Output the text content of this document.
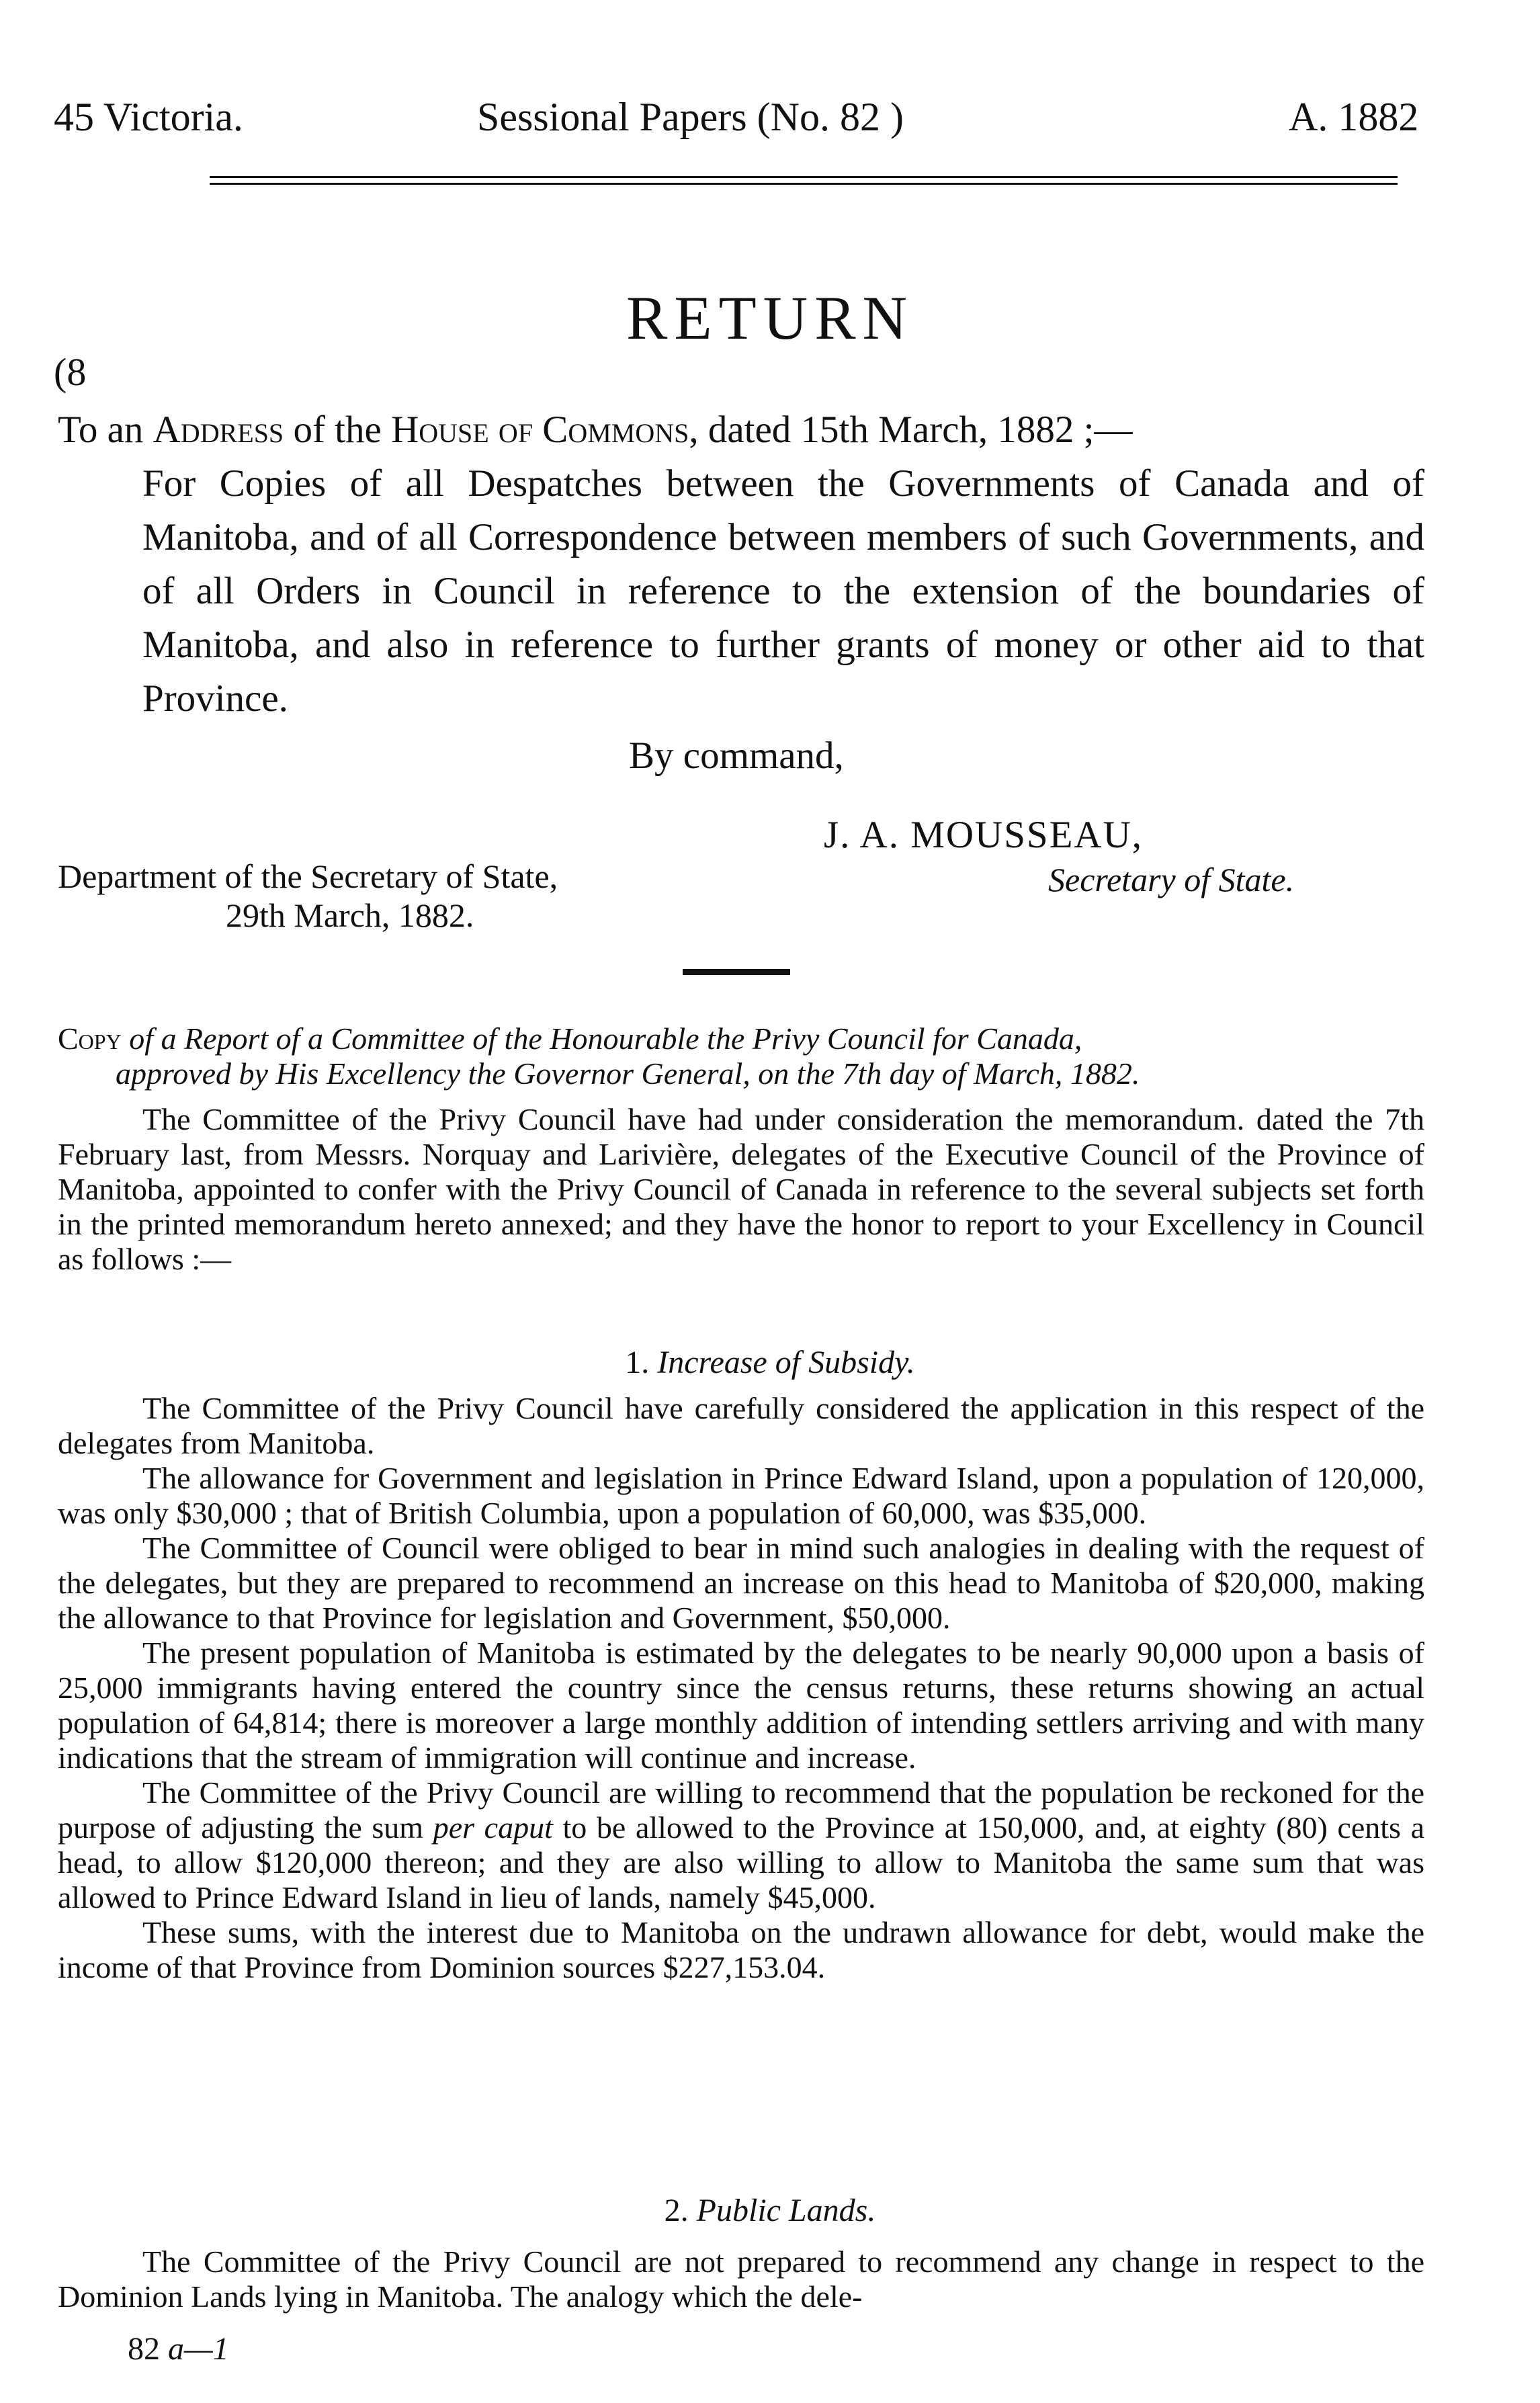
45 Victoria.	Sessional Papers (No. 82 )	A. 1882
RETURN
(8
To an Address of the House of Commons, dated 15th March, 1882 ;—
For Copies of all Despatches between the Governments of Canada and of Manitoba, and of all Correspondence between members of such Governments, and of all Orders in Council in reference to the extension of the boundaries of Manitoba, and also in reference to further grants of money or other aid to that Province.
By command,
J. A. MOUSSEAU,
Department of the Secretary of State,
29th March, 1882.
Secretary of State.
Copy of a Report of a Committee of the Honourable the Privy Council for Canada,
approved by His Excellency the Governor General, on the 7th day of March, 1882.
The Committee of the Privy Council have had under consideration the memorandum. dated the 7th February last, from Messrs. Norquay and Larivière, delegates of the Executive Council of the Province of Manitoba, appointed to confer with the Privy Council of Canada in reference to the several subjects set forth in the printed memorandum hereto annexed; and they have the honor to report to your Excellency in Council as follows :—
1. Increase of Subsidy.

The Committee of the Privy Council have carefully considered the application in this respect of the delegates from Manitoba.

The allowance for Government and legislation in Prince Edward Island, upon a population of 120,000, was only $30,000 ; that of British Columbia, upon a population of 60,000, was $35,000.

The Committee of Council were obliged to bear in mind such analogies in dealing with the request of the delegates, but they are prepared to recommend an increase on this head to Manitoba of $20,000, making the allowance to that Province for legislation and Government, $50,000.

The present population of Manitoba is estimated by the delegates to be nearly 90,000 upon a basis of 25,000 immigrants having entered the country since the census returns, these returns showing an actual population of 64,814; there is moreover a large monthly addition of intending settlers arriving and with many indications that the stream of immigration will continue and increase.

The Committee of the Privy Council are willing to recommend that the population be reckoned for the purpose of adjusting the sum per caput to be allowed to the Province at 150,000, and, at eighty (80) cents a head, to allow $120,000 thereon; and they are also willing to allow to Manitoba the same sum that was allowed to Prince Edward Island in lieu of lands, namely $45,000.

These sums, with the interest due to Manitoba on the undrawn allowance for debt, would make the income of that Province from Dominion sources $227,153.04.

2. Public Lands.

The Committee of the Privy Council are not prepared to recommend any change in respect to the Dominion Lands lying in Manitoba. The analogy which the dele-

82 a—1
